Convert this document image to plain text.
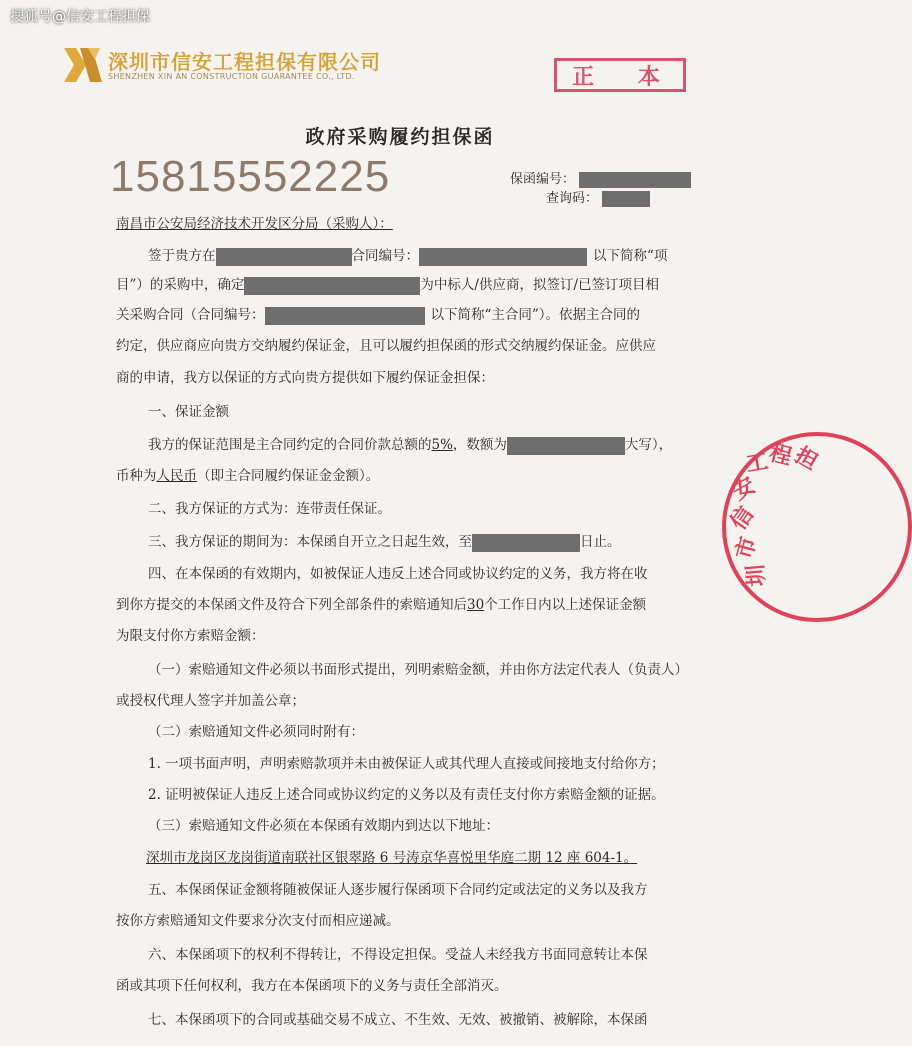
搜狐号@信安工程担保
深圳市信安工程担保有限公司
SHENZHEN XIN AN CONSTRUCTION GUARANTEE CO., LTD.	正 本
政府采购履约担保函
15815552225	保函编号：
查询码：
南昌市公安局经济技术开发区分局（采购人）：
签于贵方在	合同编号：	以下简称“项
目”）的采购中，确定	为中标人/供应商，拟签订/已签订项目相
关采购合同（合同编号：	以下简称“主合同”）。依据主合同的
约定，供应商应向贵方交纳履约保证金，且可以履约担保函的形式交纳履约保证金。应供应
商的申请，我方以保证的方式向贵方提供如下履约保证金担保：
一、保证金额
我方的保证范围是主合同约定的合同价款总额的5%，数额为	大写），
币种为人民币（即主合同履约保证金金额）。
二、我方保证的方式为：连带责任保证。
三、我方保证的期间为：本保函自开立之日起生效，至	日止。
四、在本保函的有效期内，如被保证人违反上述合同或协议约定的义务，我方将在收
到你方提交的本保函文件及符合下列全部条件的索赔通知后30个工作日内以上述保证金额
为限支付你方索赔金额：
（一）索赔通知文件必须以书面形式提出，列明索赔金额，并由你方法定代表人（负责人）
或授权代理人签字并加盖公章；
（二）索赔通知文件必须同时附有：
1. 一项书面声明，声明索赔款项并未由被保证人或其代理人直接或间接地支付给你方；
2. 证明被保证人违反上述合同或协议约定的义务以及有责任支付你方索赔金额的证据。
（三）索赔通知文件必须在本保函有效期内到达以下地址：
深圳市龙岗区龙岗街道南联社区银翠路 6 号涛京华喜悦里华庭二期 12 座 604-1。
五、本保函保证金额将随被保证人逐步履行保函项下合同约定或法定的义务以及我方
按你方索赔通知文件要求分次支付而相应递减。
六、本保函项下的权利不得转让，不得设定担保。受益人未经我方书面同意转让本保
函或其项下任何权利，我方在本保函项下的义务与责任全部消灭。
七、本保函项下的合同或基础交易不成立、不生效、无效、被撤销、被解除，本保函
担
程
工
安
信
市
圳
